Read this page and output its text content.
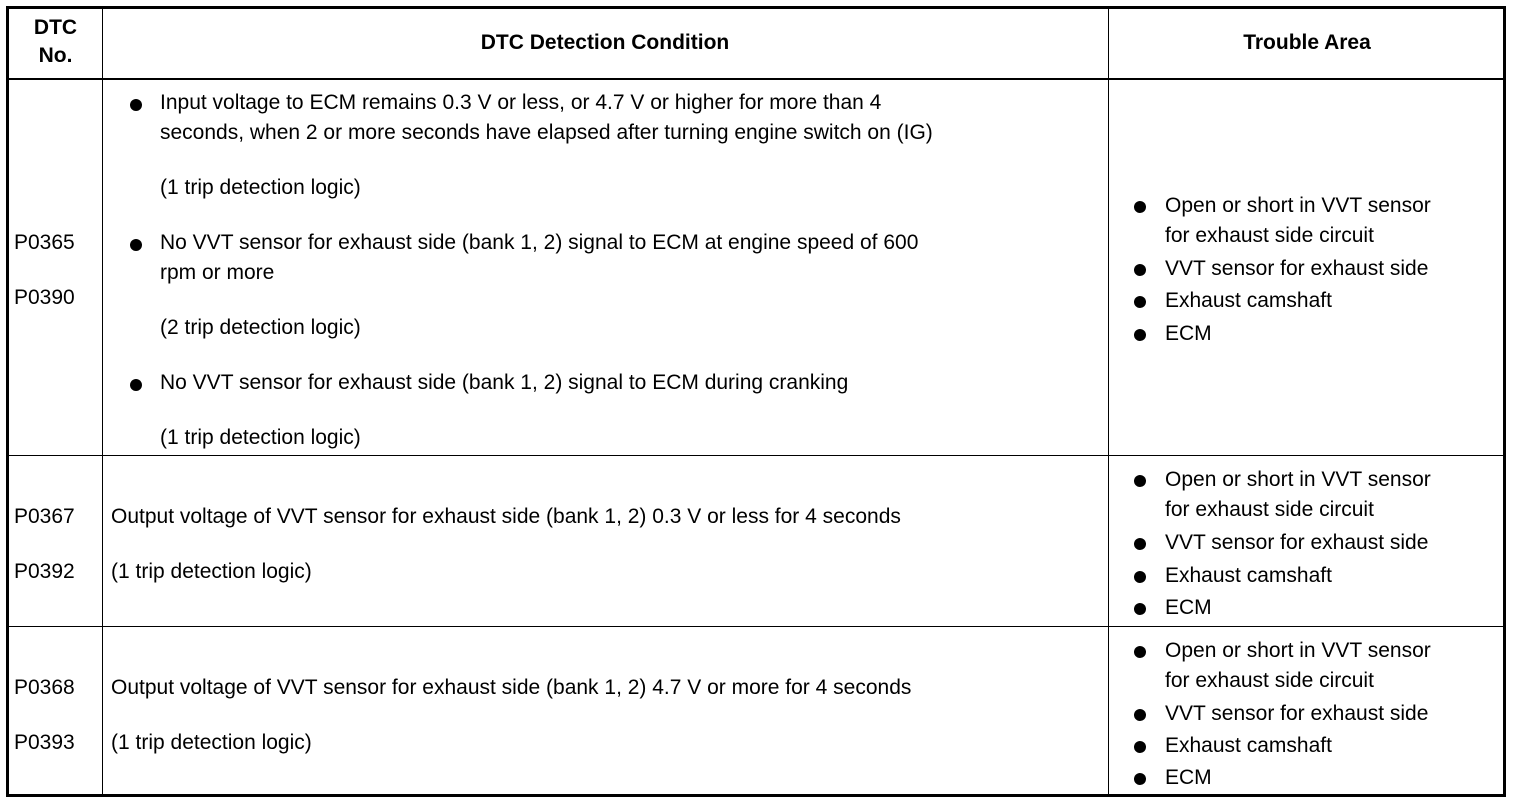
DTC
No.
DTC Detection Condition	Trouble Area
P0365
P0390
Input voltage to ECM remains 0.3 V or less, or 4.7 V or higher for more than 4
seconds, when 2 or more seconds have elapsed after turning engine switch on (IG)
(1 trip detection logic)
No VVT sensor for exhaust side (bank 1, 2) signal to ECM at engine speed of 600
rpm or more
(2 trip detection logic)
No VVT sensor for exhaust side (bank 1, 2) signal to ECM during cranking
(1 trip detection logic)
Open or short in VVT sensor
for exhaust side circuit
VVT sensor for exhaust side
Exhaust camshaft
ECM
P0367
P0392
Output voltage of VVT sensor for exhaust side (bank 1, 2) 0.3 V or less for 4 seconds
(1 trip detection logic)
Open or short in VVT sensor
for exhaust side circuit
VVT sensor for exhaust side
Exhaust camshaft
ECM
P0368
P0393
Output voltage of VVT sensor for exhaust side (bank 1, 2) 4.7 V or more for 4 seconds
(1 trip detection logic)
Open or short in VVT sensor
for exhaust side circuit
VVT sensor for exhaust side
Exhaust camshaft
ECM
